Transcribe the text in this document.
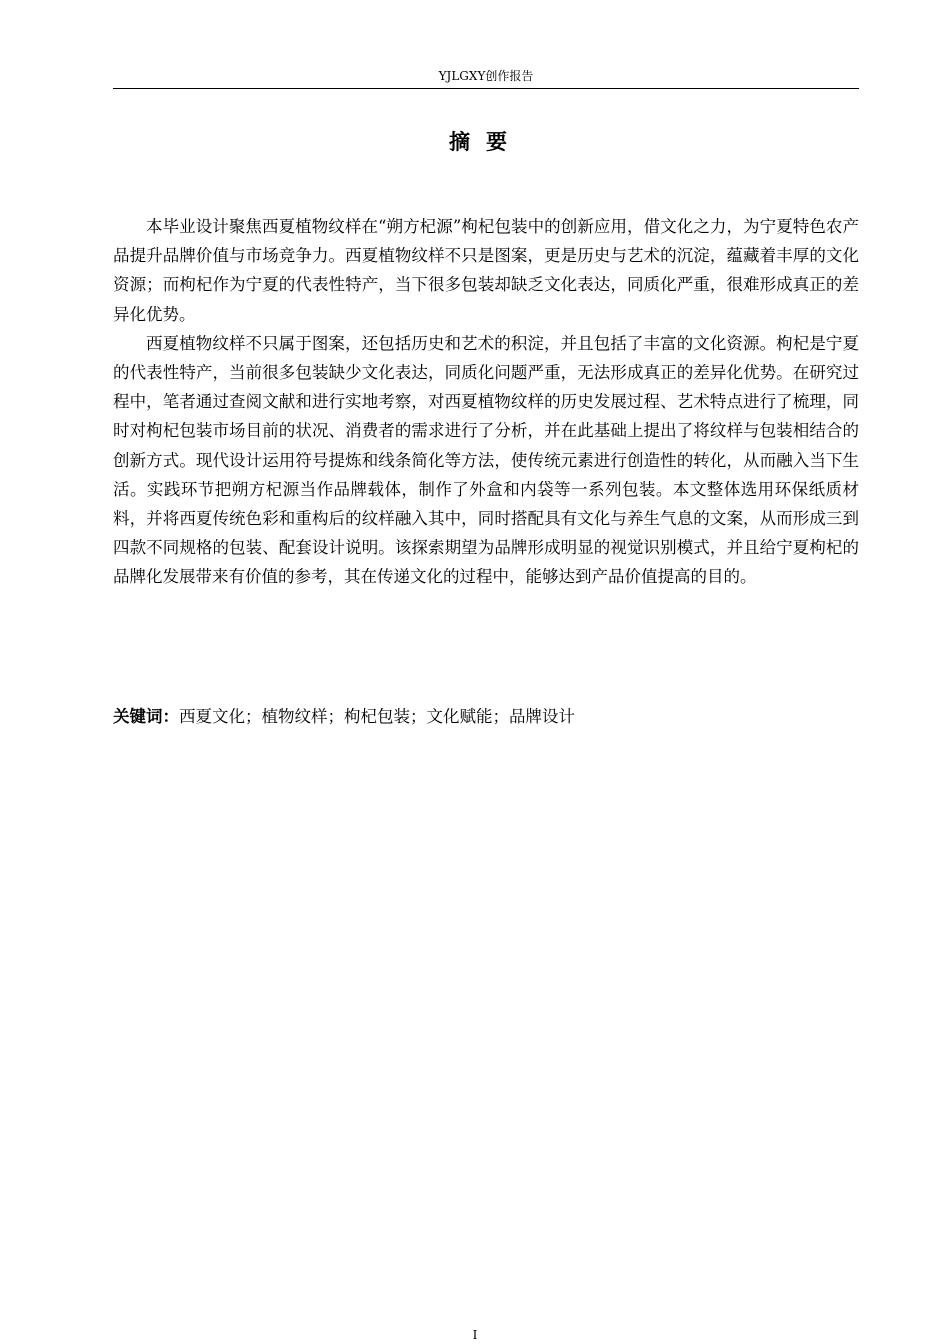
YJLGXY创作报告
摘要

本毕业设计聚焦西夏植物纹样在“朔方杞源”枸杞包装中的创新应用，借文化之力，为宁夏特色农产品提升品牌价值与市场竞争力。西夏植物纹样不只是图案，更是历史与艺术的沉淀，蕴藏着丰厚的文化资源；而枸杞作为宁夏的代表性特产，当下很多包装却缺乏文化表达，同质化严重，很难形成真正的差异化优势。

西夏植物纹样不只属于图案，还包括历史和艺术的积淀，并且包括了丰富的文化资源。枸杞是宁夏的代表性特产，当前很多包装缺少文化表达，同质化问题严重，无法形成真正的差异化优势。在研究过程中，笔者通过查阅文献和进行实地考察，对西夏植物纹样的历史发展过程、艺术特点进行了梳理，同时对枸杞包装市场目前的状况、消费者的需求进行了分析，并在此基础上提出了将纹样与包装相结合的创新方式。现代设计运用符号提炼和线条简化等方法，使传统元素进行创造性的转化，从而融入当下生活。实践环节把朔方杞源当作品牌载体，制作了外盒和内袋等一系列包装。本文整体选用环保纸质材料，并将西夏传统色彩和重构后的纹样融入其中，同时搭配具有文化与养生气息的文案，从而形成三到四款不同规格的包装、配套设计说明。该探索期望为品牌形成明显的视觉识别模式，并且给宁夏枸杞的品牌化发展带来有价值的参考，其在传递文化的过程中，能够达到产品价值提高的目的。

关键词：西夏文化；植物纹样；枸杞包装；文化赋能；品牌设计
I
